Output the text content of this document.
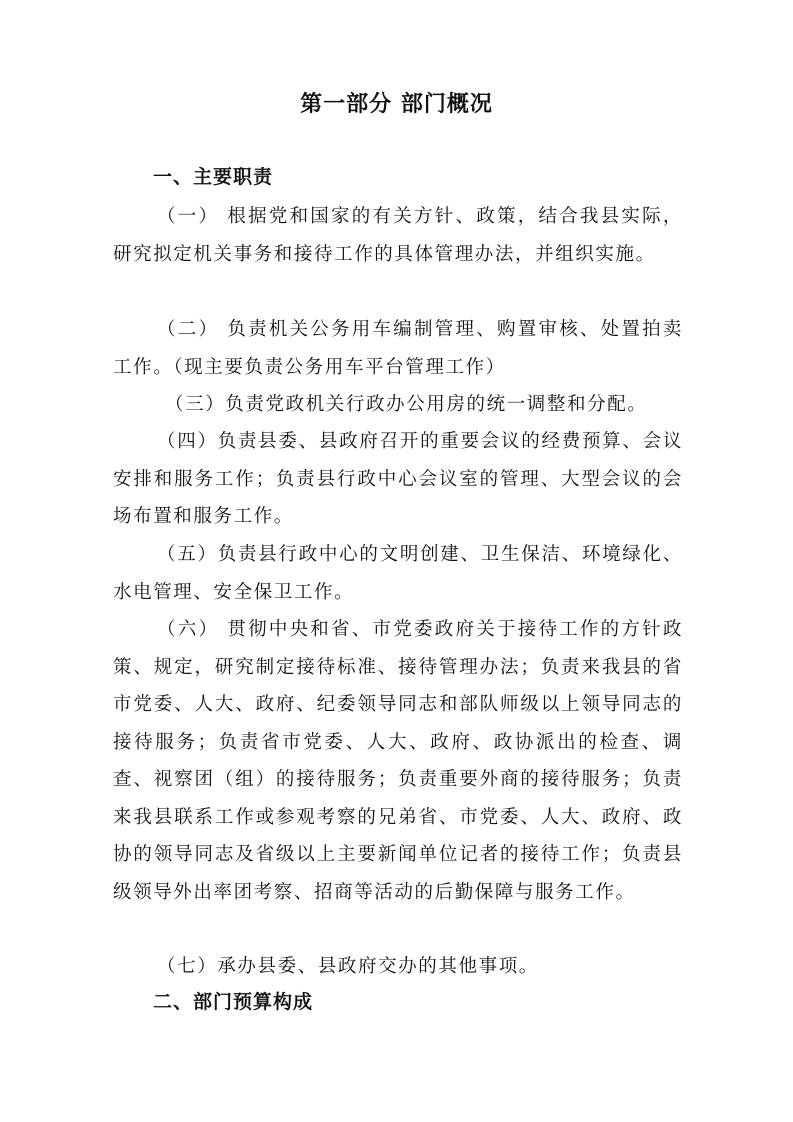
第一部分 部门概况
一、主要职责

（一） 根据党和国家的有关方针、政策，结合我县实际，研究拟定机关事务和接待工作的具体管理办法，并组织实施。

（二） 负责机关公务用车编制管理、购置审核、处置拍卖工作。（现主要负责公务用车平台管理工作）

（三）负责党政机关行政办公用房的统一调整和分配。

（四）负责县委、县政府召开的重要会议的经费预算、会议安排和服务工作；负责县行政中心会议室的管理、大型会议的会场布置和服务工作。

（五）负责县行政中心的文明创建、卫生保洁、环境绿化、水电管理、安全保卫工作。

（六） 贯彻中央和省、市党委政府关于接待工作的方针政策、规定，研究制定接待标准、接待管理办法；负责来我县的省市党委、人大、政府、纪委领导同志和部队师级以上领导同志的接待服务；负责省市党委、人大、政府、政协派出的检查、调查、视察团（组）的接待服务；负责重要外商的接待服务；负责来我县联系工作或参观考察的兄弟省、市党委、人大、政府、政协的领导同志及省级以上主要新闻单位记者的接待工作；负责县级领导外出率团考察、招商等活动的后勤保障与服务工作。

（七）承办县委、县政府交办的其他事项。

二、部门预算构成
